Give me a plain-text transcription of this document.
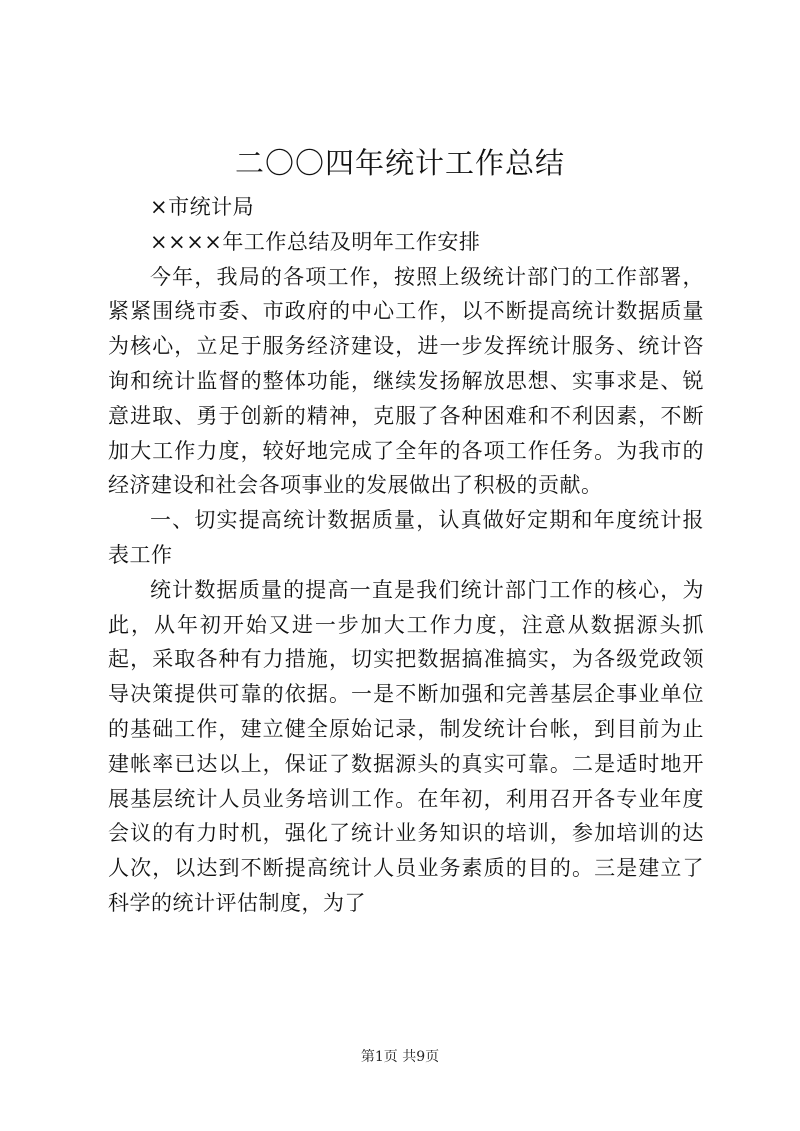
二〇〇四年统计工作总结

×市统计局

××××年工作总结及明年工作安排

今年，我局的各项工作，按照上级统计部门的工作部署，紧紧围绕市委、市政府的中心工作，以不断提高统计数据质量为核心，立足于服务经济建设，进一步发挥统计服务、统计咨询和统计监督的整体功能，继续发扬解放思想、实事求是、锐意进取、勇于创新的精神，克服了各种困难和不利因素，不断加大工作力度，较好地完成了全年的各项工作任务。为我市的经济建设和社会各项事业的发展做出了积极的贡献。

一、切实提高统计数据质量，认真做好定期和年度统计报表工作

统计数据质量的提高一直是我们统计部门工作的核心，为此，从年初开始又进一步加大工作力度，注意从数据源头抓起，采取各种有力措施，切实把数据搞准搞实，为各级党政领导决策提供可靠的依据。一是不断加强和完善基层企事业单位的基础工作，建立健全原始记录，制发统计台帐，到目前为止建帐率已达以上，保证了数据源头的真实可靠。二是适时地开展基层统计人员业务培训工作。在年初，利用召开各专业年度会议的有力时机，强化了统计业务知识的培训，参加培训的达人次，以达到不断提高统计人员业务素质的目的。三是建立了科学的统计评估制度，为了

第1页 共9页
